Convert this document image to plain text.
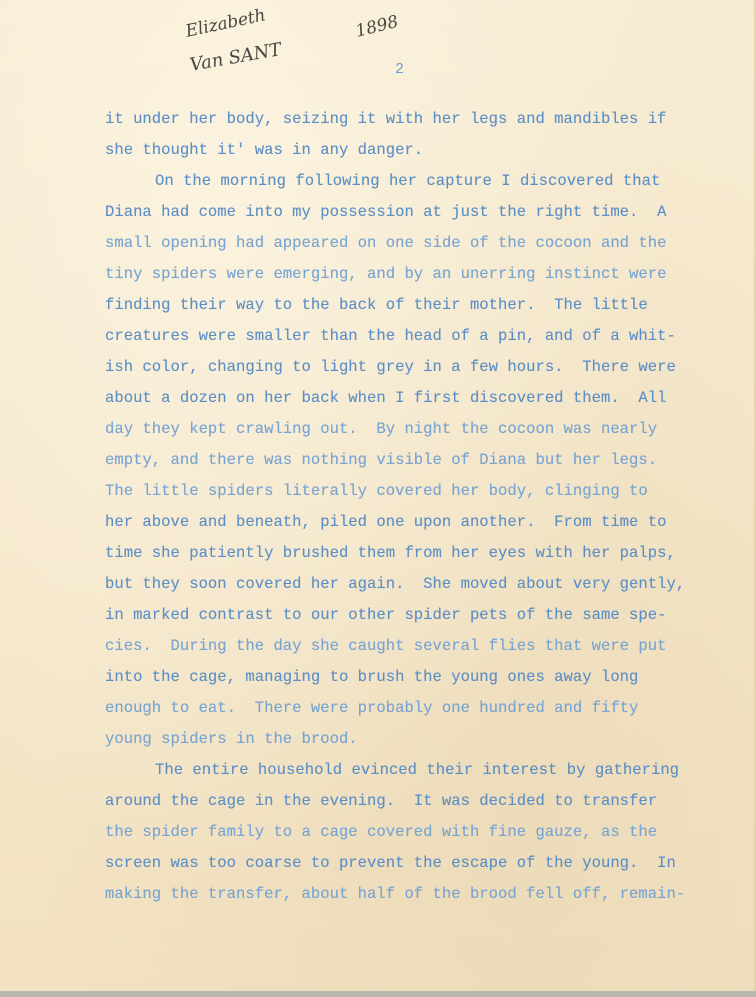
Elizabeth
Van SANT
1898
2
it under her body, seizing it with her legs and mandibles if
she thought it' was in any danger.
On the morning following her capture I discovered that
Diana had come into my possession at just the right time.  A
small opening had appeared on one side of the cocoon and the
tiny spiders were emerging, and by an unerring instinct were
finding their way to the back of their mother.  The little
creatures were smaller than the head of a pin, and of a whit-
ish color, changing to light grey in a few hours.  There were
about a dozen on her back when I first discovered them.  All
day they kept crawling out.  By night the cocoon was nearly
empty, and there was nothing visible of Diana but her legs.
The little spiders literally covered her body, clinging to
her above and beneath, piled one upon another.  From time to
time she patiently brushed them from her eyes with her palps,
but they soon covered her again.  She moved about very gently,
in marked contrast to our other spider pets of the same spe-
cies.  During the day she caught several flies that were put
into the cage, managing to brush the young ones away long
enough to eat.  There were probably one hundred and fifty
young spiders in the brood.
The entire household evinced their interest by gathering
around the cage in the evening.  It was decided to transfer
the spider family to a cage covered with fine gauze, as the
screen was too coarse to prevent the escape of the young.  In
making the transfer, about half of the brood fell off, remain-
